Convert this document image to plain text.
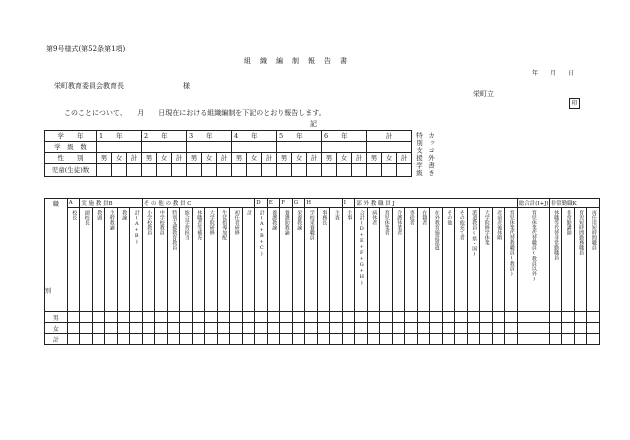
第9号様式(第52条第1項)
組　織　編　制　報　告　書
年　　月　　日
栄町教育委員会教育長	様
栄町立
印
このことについて、　　月　　日現在における組織編制を下記のとおり報告します。
記
学　　年	1　　年			2　　年			3　　年			4　　年			5　　年			6　　年			計		
学　級　数																					
性　　別	男	女	計	男	女	計	男	女	計	男	女	計	男	女	計	男	女	計	男	女	計
児童(生徒)数																						特別支援学級 カッコ外書き
職
別	A	実 施 教 員B					そ の 他 の 教 員 C									D	E	F	G	H			I	部 外 教 職 員 J													総合計(I+J)	非常勤職K			

	校長	副校長	教頭	主幹教諭	教諭	計(A+B)	小学校教員	中学校教員	特別支援教育教員	総合学習担当	休職者等補充	大学院研修	生徒指導加配	初任者研修	計	計(A+B+C)	養護教諭	養護助教諭	栄養教諭	学校栄養職員	事務長	主査	主事	合計(D+E+F+G+H)	病休者	育児休業者	介護休業者	専従者	在籍者	在外教育施設派遣	その他	その他充て者	派遣教員(県・国)	大学院修学休業	産前産後休暇	育児休業代替教職員(教員)	育児休業代替職員(教員以外)	休職等代替非常勤職員	非常勤講師	育児短時間勤務職員	再任用短時間職員

男																																									
女																																									
計																																									
